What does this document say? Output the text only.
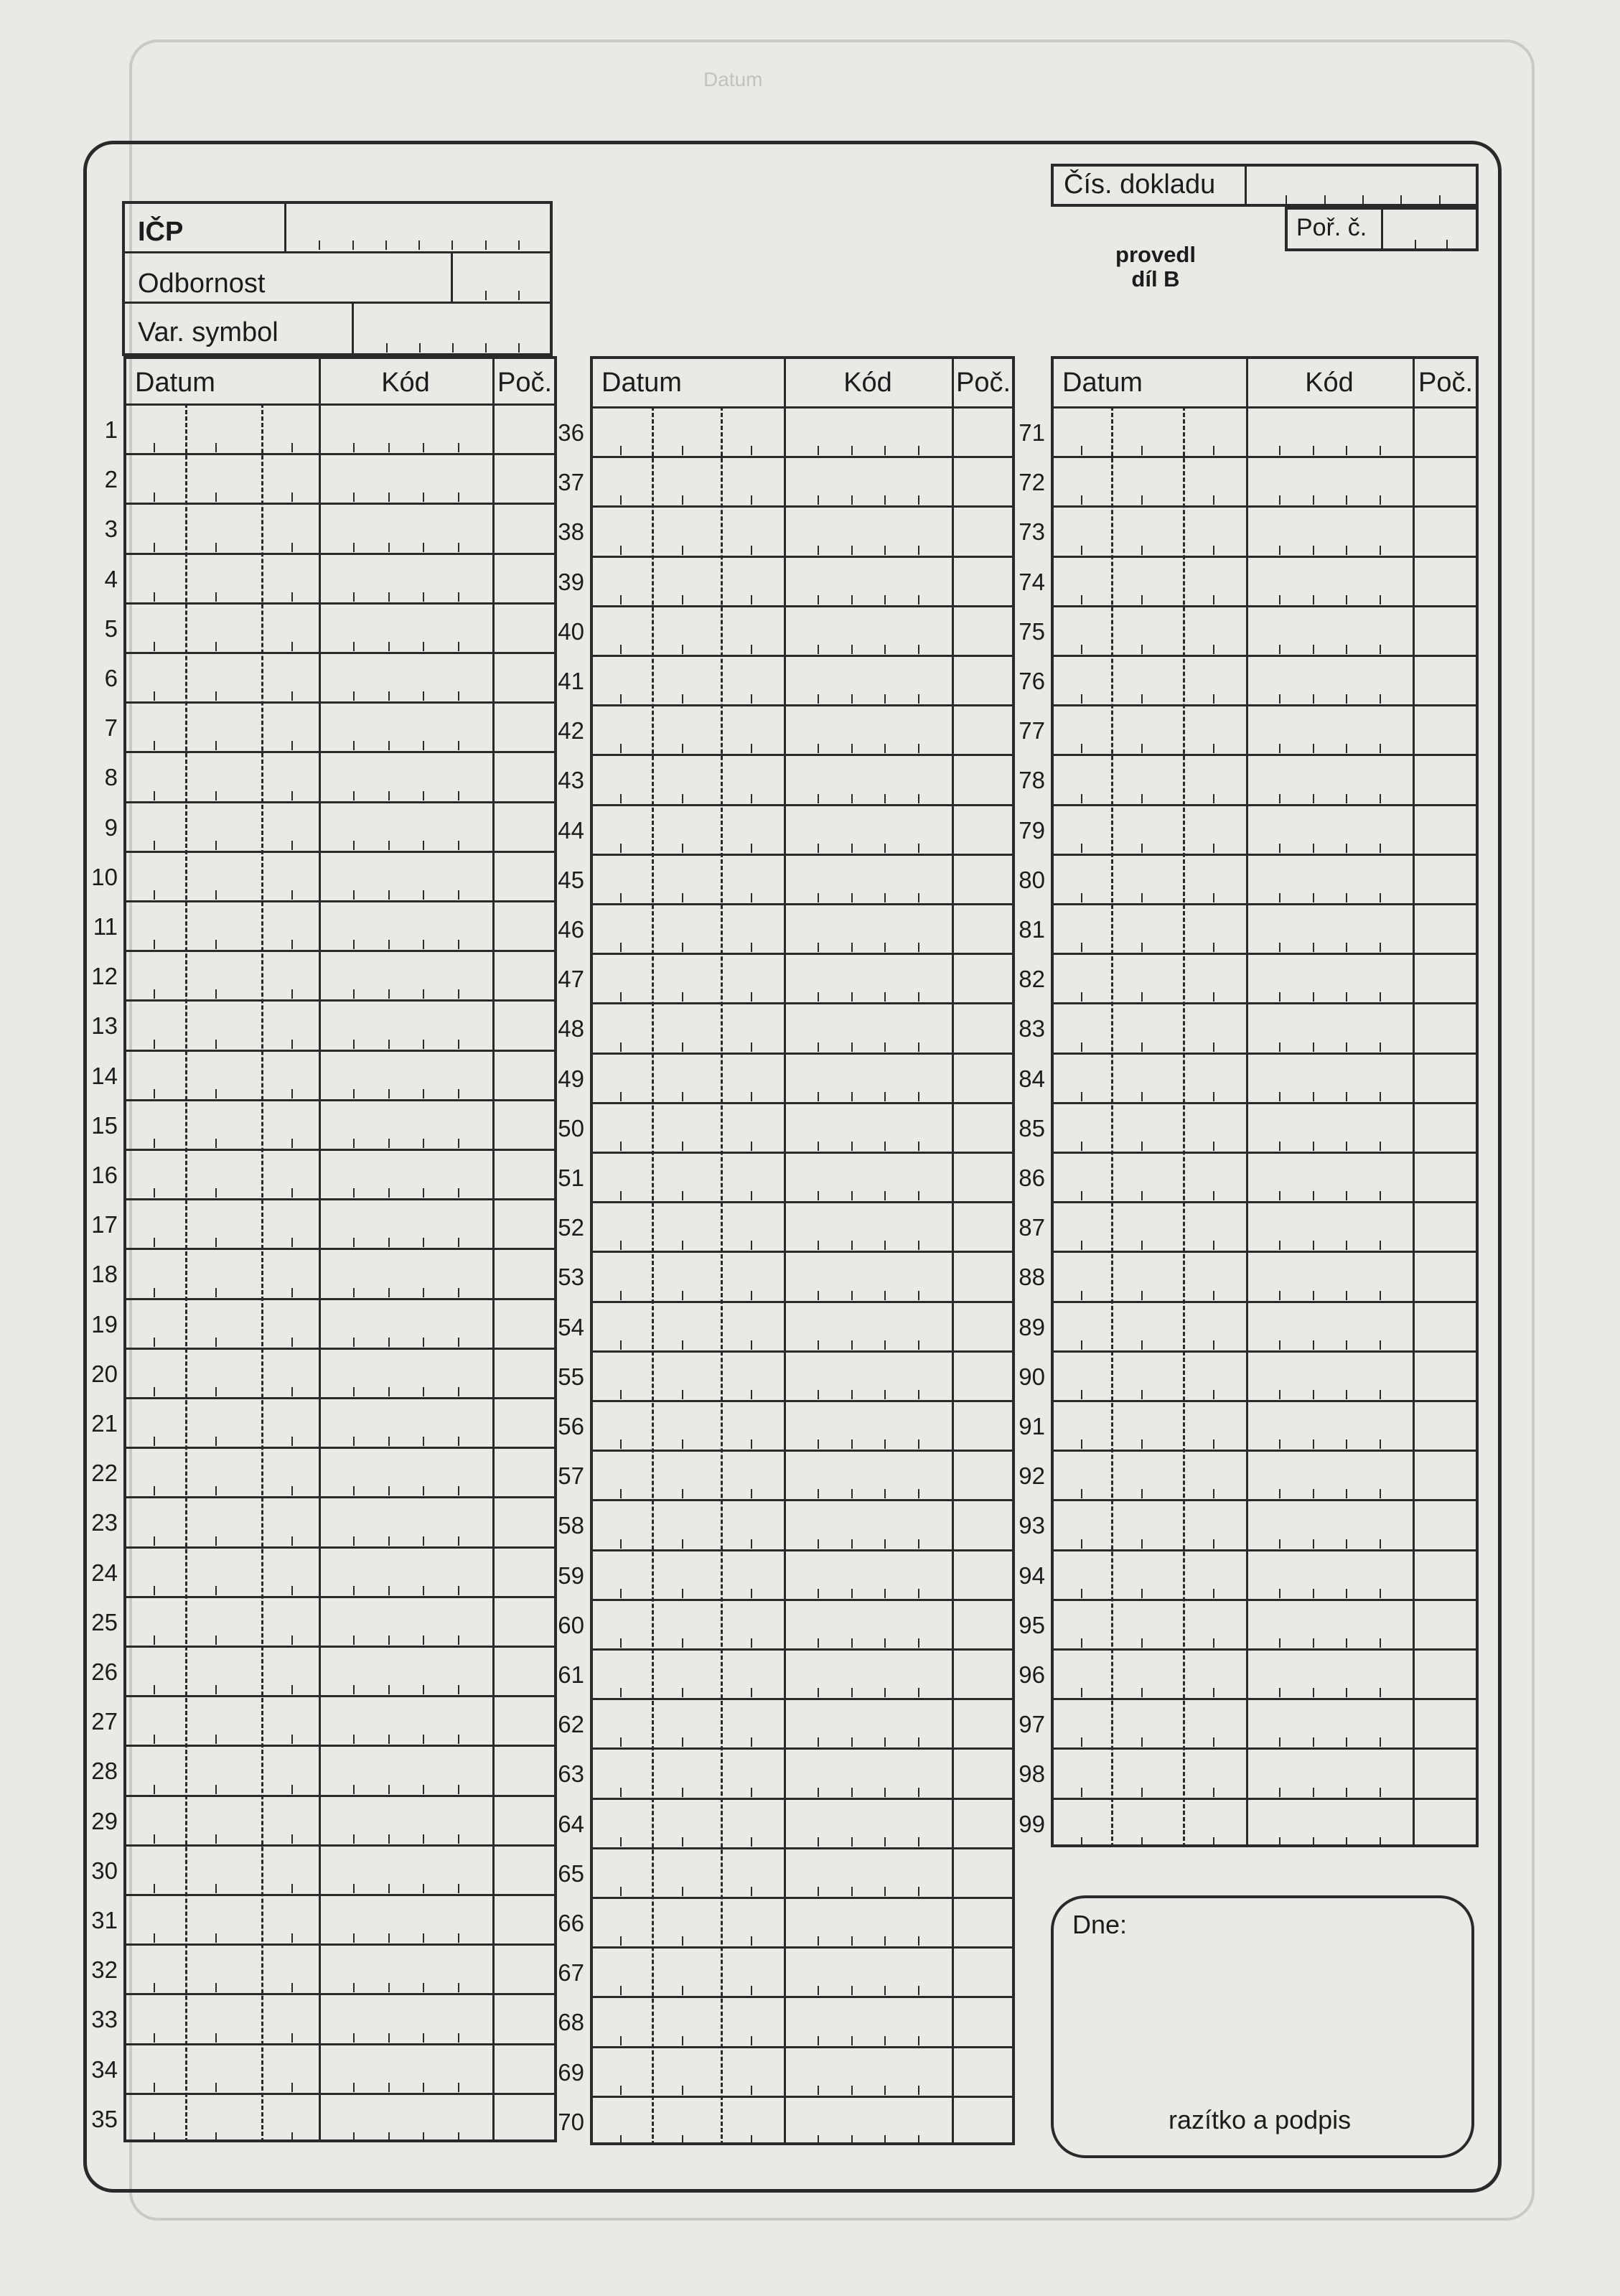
Datum
IČP
Odbornost
Var. symbol
Čís. dokladu
Poř. č.
provedl
díl B
Datum	Kód	Poč.
1
2
3
4
5
6
7
8
9
10
11
12
13
14
15
16
17
18
19
20
21
22
23
24
25
26
27
28
29
30
31
32
33
34
35
Datum	Kód	Poč.
36
37
38
39
40
41
42
43
44
45
46
47
48
49
50
51
52
53
54
55
56
57
58
59
60
61
62
63
64
65
66
67
68
69
70
Datum	Kód	Poč.
71
72
73
74
75
76
77
78
79
80
81
82
83
84
85
86
87
88
89
90
91
92
93
94
95
96
97
98
99
Dne:
razítko a podpis
